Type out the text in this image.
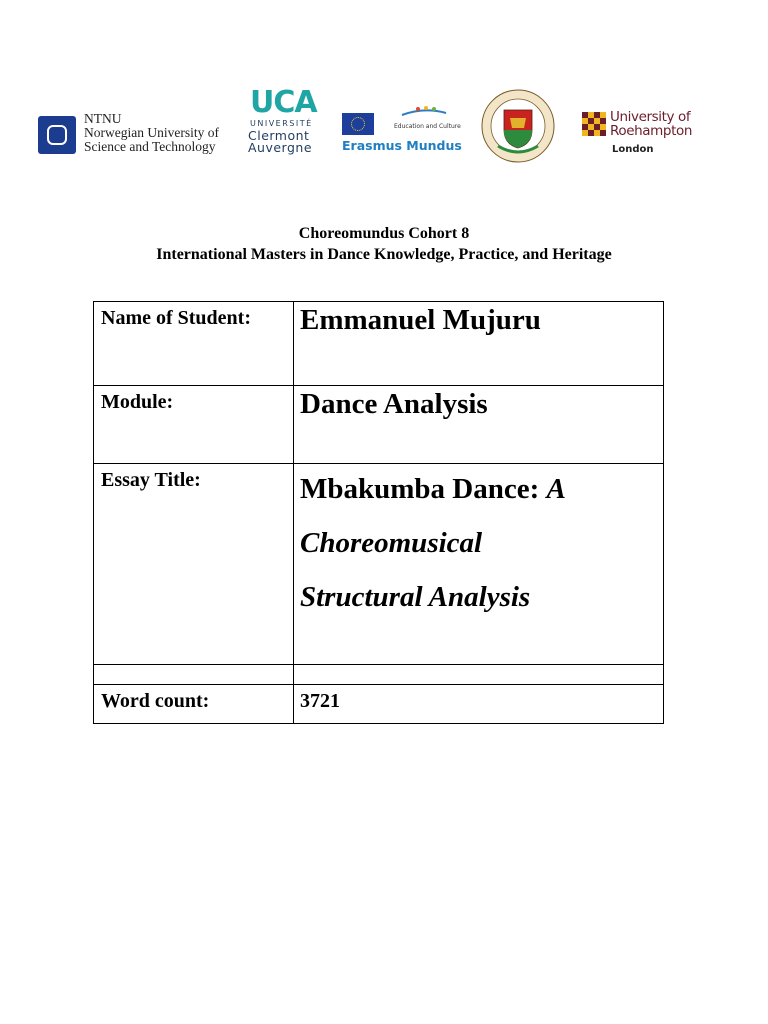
NTNU
Norwegian University of
Science and Technology
UCA
UNIVERSITÉ
Clermont
Auvergne
Education and Culture
Erasmus Mundus
University of
Roehampton
London
Choreomundus Cohort 8
International Masters in Dance Knowledge, Practice, and Heritage
Name of Student:	Emmanuel Mujuru
Module:	Dance Analysis
Essay Title:	Mbakumba Dance: A
Choreomusical
Structural Analysis

Word count:	3721
